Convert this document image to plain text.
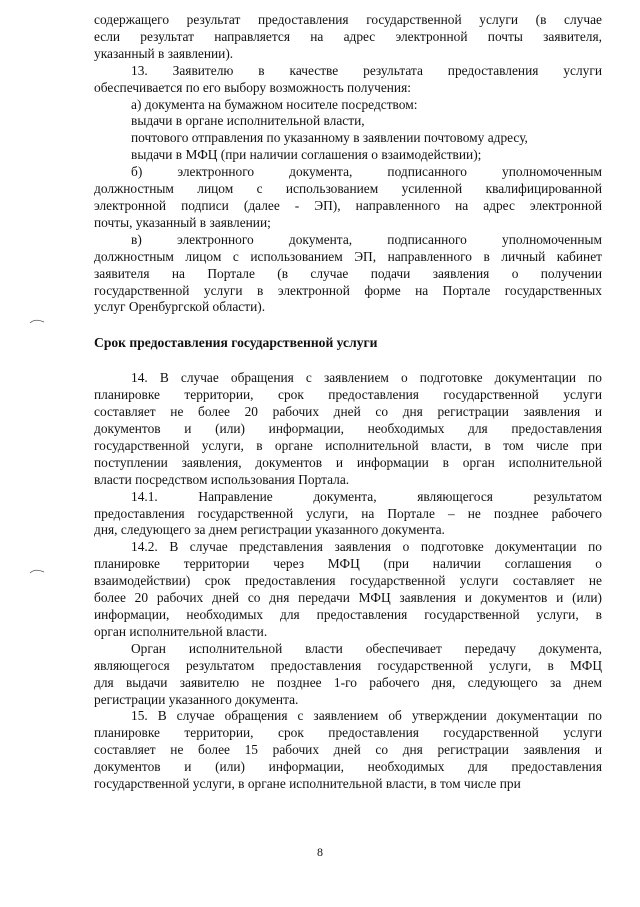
содержащего результат предоставления государственной услуги (в случае
если результат направляется на адрес электронной почты заявителя,
указанный в заявлении).

13. Заявителю в качестве результата предоставления услуги
обеспечивается по его выбору возможность получения:

а) документа на бумажном носителе посредством:

выдачи в органе исполнительной власти,

почтового отправления по указанному в заявлении почтовому адресу,

выдачи в МФЦ (при наличии соглашения о взаимодействии);

б) электронного документа, подписанного уполномоченным
должностным лицом с использованием усиленной квалифицированной
электронной подписи (далее - ЭП), направленного на адрес электронной
почты, указанный в заявлении;

в) электронного документа, подписанного уполномоченным
должностным лицом с использованием ЭП, направленного в личный кабинет
заявителя на Портале (в случае подачи заявления о получении
государственной услуги в электронной форме на Портале государственных
услуг Оренбургской области).

Срок предоставления государственной услуги

14. В случае обращения с заявлением о подготовке документации по
планировке территории, срок предоставления государственной услуги
составляет не более 20 рабочих дней со дня регистрации заявления и
документов и (или) информации, необходимых для предоставления
государственной услуги, в органе исполнительной власти, в том числе при
поступлении заявления, документов и информации в орган исполнительной
власти посредством использования Портала.

14.1. Направление документа, являющегося результатом
предоставления государственной услуги, на Портале – не позднее рабочего
дня, следующего за днем регистрации указанного документа.

14.2. В случае представления заявления о подготовке документации по
планировке территории через МФЦ (при наличии соглашения о
взаимодействии) срок предоставления государственной услуги составляет не
более 20 рабочих дней со дня передачи МФЦ заявления и документов и (или)
информации, необходимых для предоставления государственной услуги, в
орган исполнительной власти.

Орган исполнительной власти обеспечивает передачу документа,
являющегося результатом предоставления государственной услуги, в МФЦ
для выдачи заявителю не позднее 1-го рабочего дня, следующего за днем
регистрации указанного документа.

15. В случае обращения с заявлением об утверждении документации по
планировке территории, срок предоставления государственной услуги
составляет не более 15 рабочих дней со дня регистрации заявления и
документов и (или) информации, необходимых для предоставления
государственной услуги, в органе исполнительной власти, в том числе при

8
